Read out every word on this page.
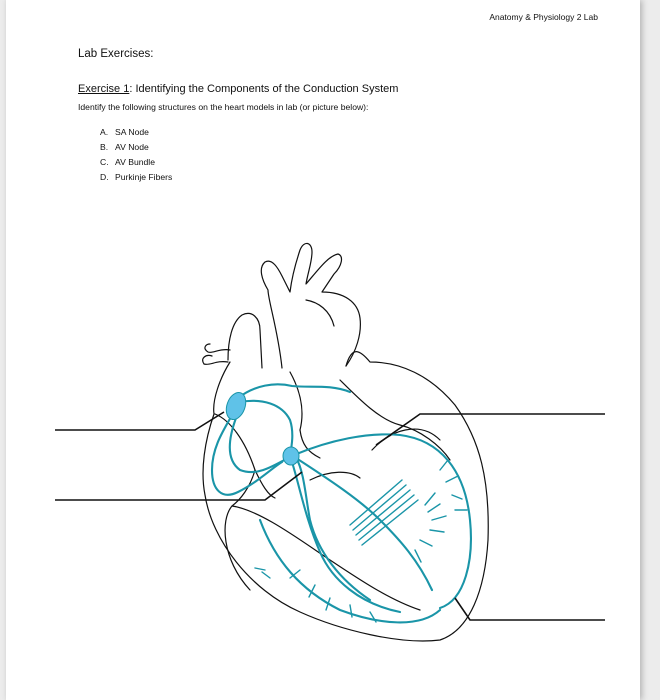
Anatomy & Physiology 2 Lab
Lab Exercises:
Exercise 1: Identifying the Components of the Conduction System
Identify the following structures on the heart models in lab (or picture below):
A. SA Node
B. AV Node
C. AV Bundle
D. Purkinje Fibers
